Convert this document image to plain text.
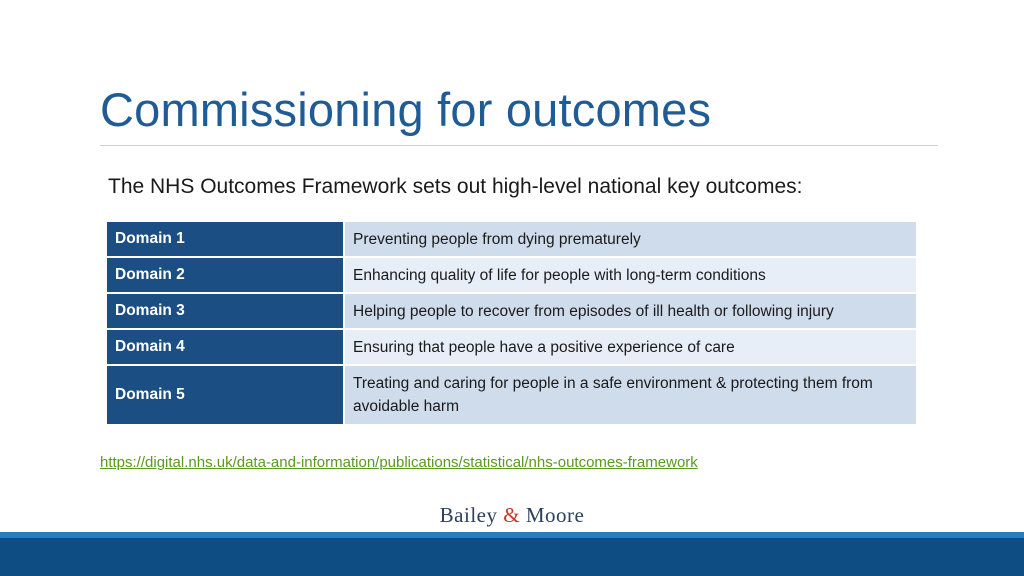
Commissioning for outcomes
The NHS Outcomes Framework sets out high-level national key outcomes:
Domain 1	Preventing people from dying prematurely
Domain 2	Enhancing quality of life for people with long-term conditions
Domain 3	Helping people to recover from episodes of ill health or following injury
Domain 4	Ensuring that people have a positive experience of care
Domain 5	Treating and caring for people in a safe environment & protecting them from avoidable harm
https://digital.nhs.uk/data-and-information/publications/statistical/nhs-outcomes-framework
Bailey & Moore
